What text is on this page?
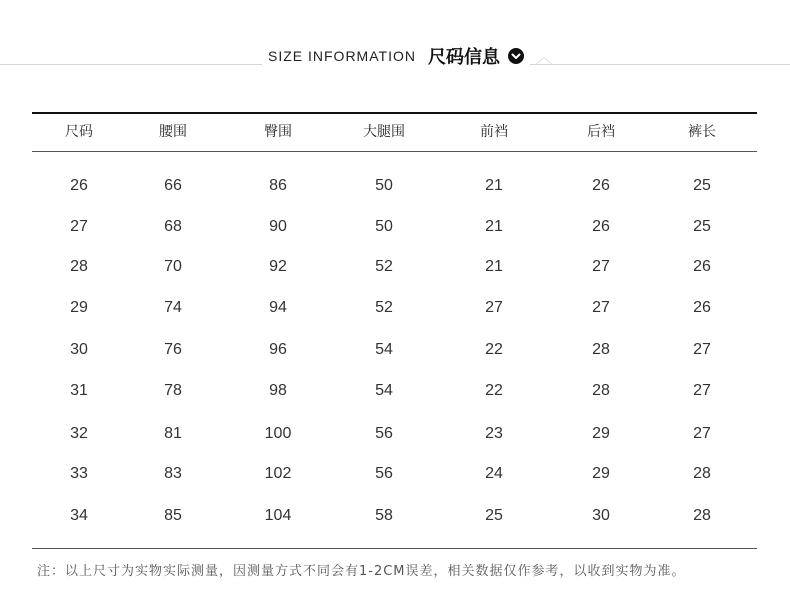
SIZE INFORMATION 尺码信息
尺码	腰围	臀围	大腿围	前裆	后裆	裤长
26	66	86	50	21	26	25
27	68	90	50	21	26	25
28	70	92	52	21	27	26
29	74	94	52	27	27	26
30	76	96	54	22	28	27
31	78	98	54	22	28	27
32	81	100	56	23	29	27
33	83	102	56	24	29	28
34	85	104	58	25	30	28
注：以上尺寸为实物实际测量，因测量方式不同会有1-2CM误差，相关数据仅作参考，以收到实物为准。
